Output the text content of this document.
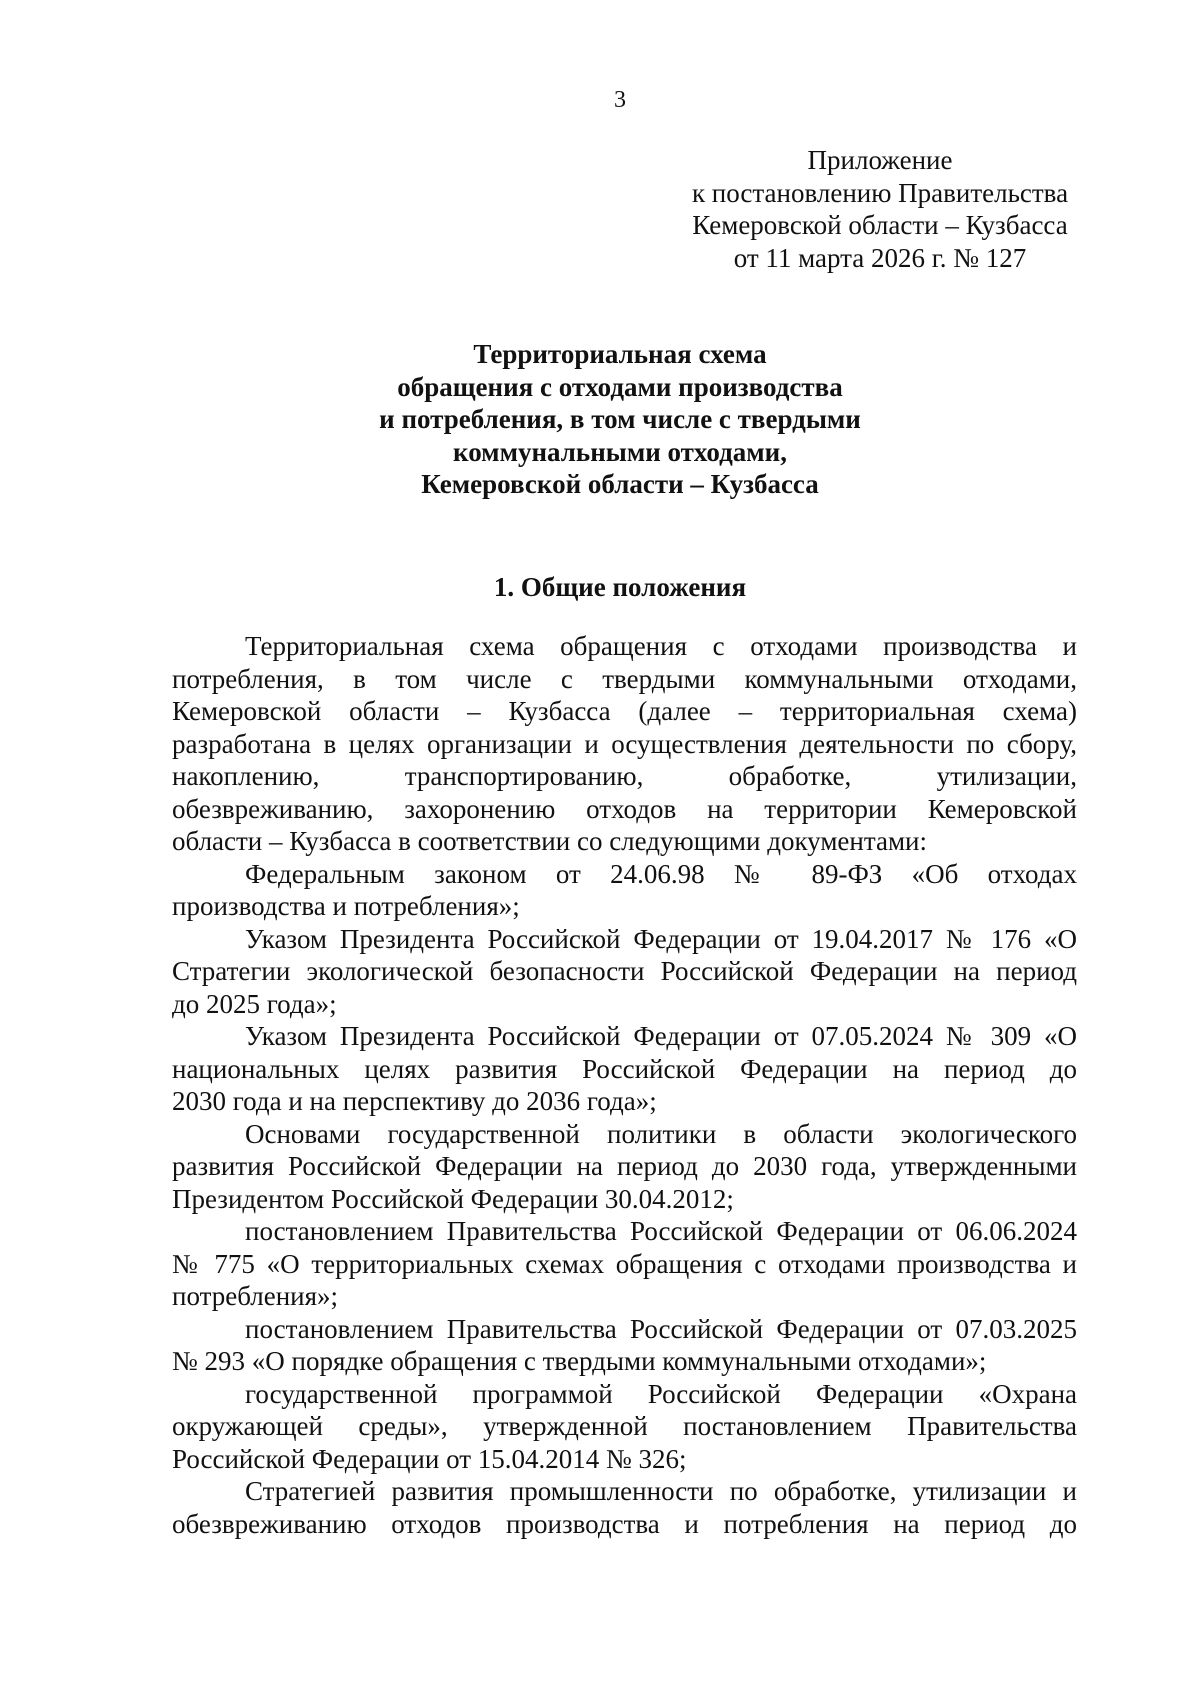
3
Приложение
к постановлению Правительства
Кемеровской области – Кузбасса
от 11 марта 2026 г. № 127
Территориальная схема
обращения с отходами производства
и потребления, в том числе с твердыми
коммунальными отходами,
Кемеровской области – Кузбасса
1. Общие положения
Территориальная схема обращения с отходами производства и
потребления, в том числе с твердыми коммунальными отходами,
Кемеровской области – Кузбасса (далее – территориальная схема)
разработана в целях организации и осуществления деятельности по сбору,
накоплению, транспортированию, обработке, утилизации,
обезвреживанию, захоронению отходов на территории Кемеровской
области – Кузбасса в соответствии со следующими документами:
Федеральным законом от 24.06.98 № 89-ФЗ «Об отходах
производства и потребления»;
Указом Президента Российской Федерации от 19.04.2017 № 176 «О
Стратегии экологической безопасности Российской Федерации на период
до 2025 года»;
Указом Президента Российской Федерации от 07.05.2024 № 309 «О
национальных целях развития Российской Федерации на период до
2030 года и на перспективу до 2036 года»;
Основами государственной политики в области экологического
развития Российской Федерации на период до 2030 года, утвержденными
Президентом Российской Федерации 30.04.2012;
постановлением Правительства Российской Федерации от 06.06.2024
№ 775 «О территориальных схемах обращения с отходами производства и
потребления»;
постановлением Правительства Российской Федерации от 07.03.2025
№ 293 «О порядке обращения с твердыми коммунальными отходами»;
государственной программой Российской Федерации «Охрана
окружающей среды», утвержденной постановлением Правительства
Российской Федерации от 15.04.2014 № 326;
Стратегией развития промышленности по обработке, утилизации и
обезвреживанию отходов производства и потребления на период до
